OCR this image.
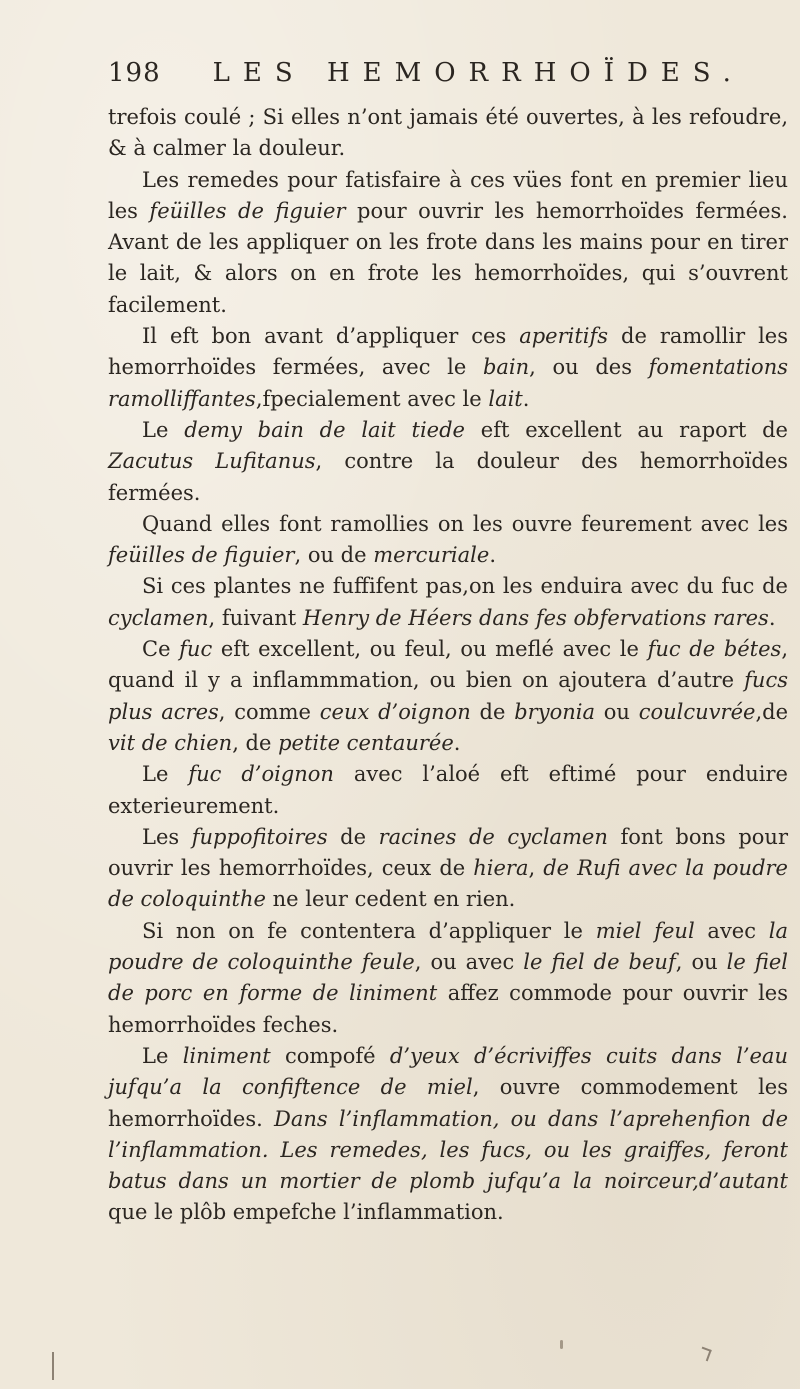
198 LES HEMORRHOÏDES.

trefois coulé ; Si elles n’ont jamais été ouvertes, à les refoudre, & à calmer la douleur.

Les remedes pour fatisfaire à ces vües font en premier lieu les feüilles de figuier pour ouvrir les hemorrhoïdes fermées. Avant de les appliquer on les frote dans les mains pour en tirer le lait, & alors on en frote les hemorrhoïdes, qui s’ouvrent facilement.

Il eft bon avant d’appliquer ces aperitifs de ramollir les hemorrhoïdes fermées, avec le bain, ou des fomentations ramolliffantes,fpecialement avec le lait.

Le demy bain de lait tiede eft excellent au raport de Zacutus Lufitanus, contre la douleur des hemorrhoïdes fermées.

Quand elles font ramollies on les ouvre feurement avec les feüilles de figuier, ou de mercuriale.

Si ces plantes ne fuffifent pas,on les enduira avec du fuc de cyclamen, fuivant Henry de Héers dans fes obfervations rares.

Ce fuc eft excellent, ou feul, ou meflé avec le fuc de bétes, quand il y a inflammmation, ou bien on ajoutera d’autre fucs plus acres, comme ceux d’oignon de bryonia ou coulcuvrée,de vit de chien, de petite centaurée.

Le fuc d’oignon avec l’aloé eft eftimé pour enduire exterieurement.

Les fuppofitoires de racines de cyclamen font bons pour ouvrir les hemorrhoïdes, ceux de hiera, de Rufi avec la poudre de coloquinthe ne leur cedent en rien.

Si non on fe contentera d’appliquer le miel feul avec la poudre de coloquinthe feule, ou avec le fiel de beuf, ou le fiel de porc en forme de liniment affez commode pour ouvrir les hemorrhoïdes feches.

Le liniment compofé d’yeux d’écriviffes cuits dans l’eau jufqu’a la confiftence de miel, ouvre commodement les hemorrhoïdes. Dans l’inflammation, ou dans l’aprehenfion de l’inflammation. Les remedes, les fucs, ou les graiffes, feront batus dans un mortier de plomb jufqu’a la noirceur,d’autant que le plôb empefche l’inflammation.
